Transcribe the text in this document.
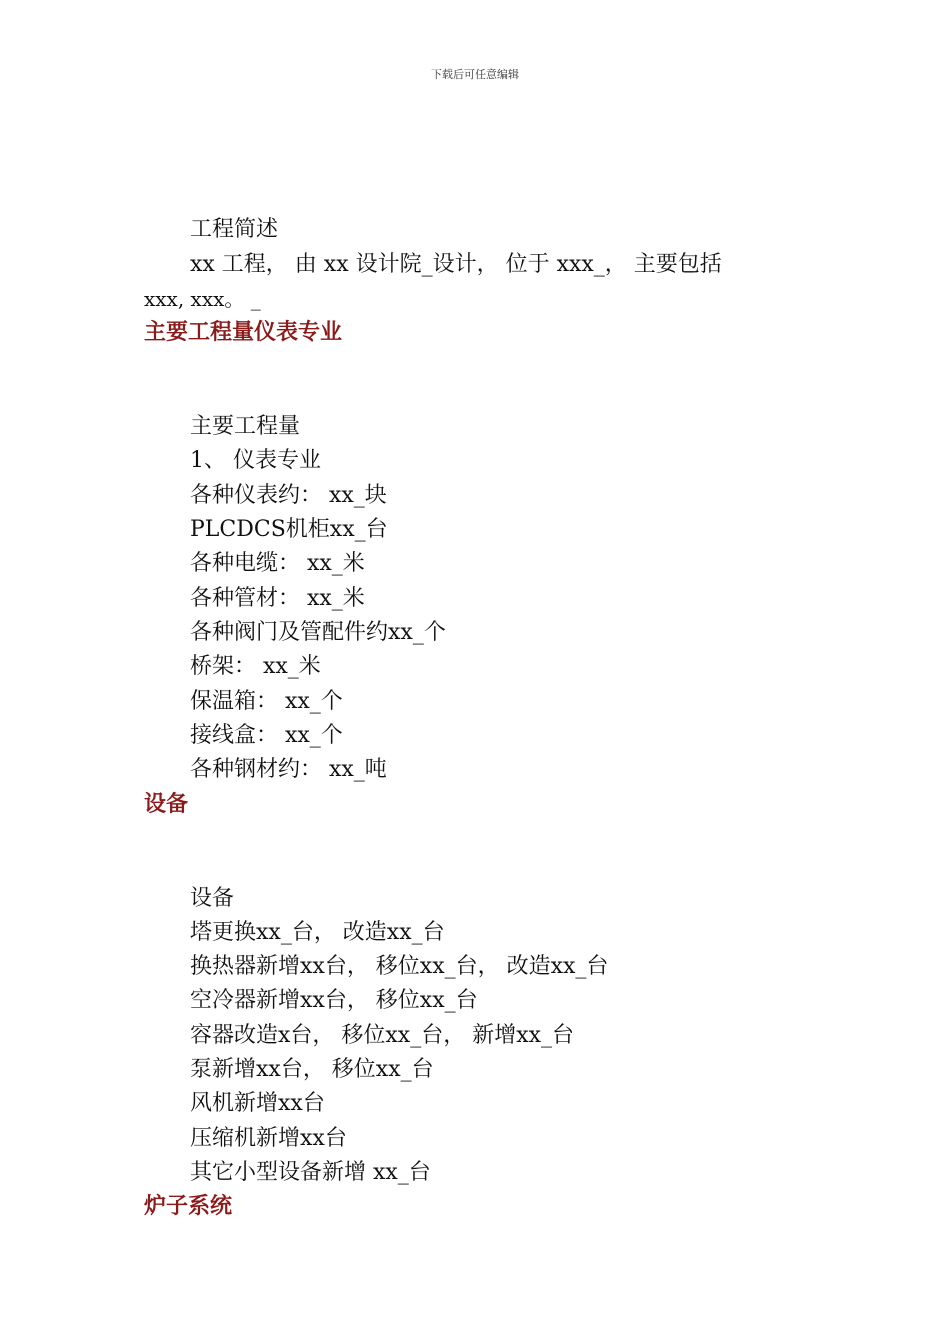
下载后可任意编辑
工程简述
xx 工程， 由 xx 设计院_设计， 位于 xxx_， 主要包括
xxx, xxx。 _
主要工程量仪表专业
主要工程量
1、 仪表专业
各种仪表约： xx_块
PLCDCS机柜xx_台
各种电缆： xx_米
各种管材： xx_米
各种阀门及管配件约xx_个
桥架： xx_米
保温箱： xx_个
接线盒： xx_个
各种钢材约： xx_吨
设备
设备
塔更换xx_台， 改造xx_台
换热器新增xx台， 移位xx_台， 改造xx_台
空冷器新增xx台， 移位xx_台
容器改造x台， 移位xx_台， 新增xx_台
泵新增xx台， 移位xx_台
风机新增xx台
压缩机新增xx台
其它小型设备新增 xx_台
炉子系统
